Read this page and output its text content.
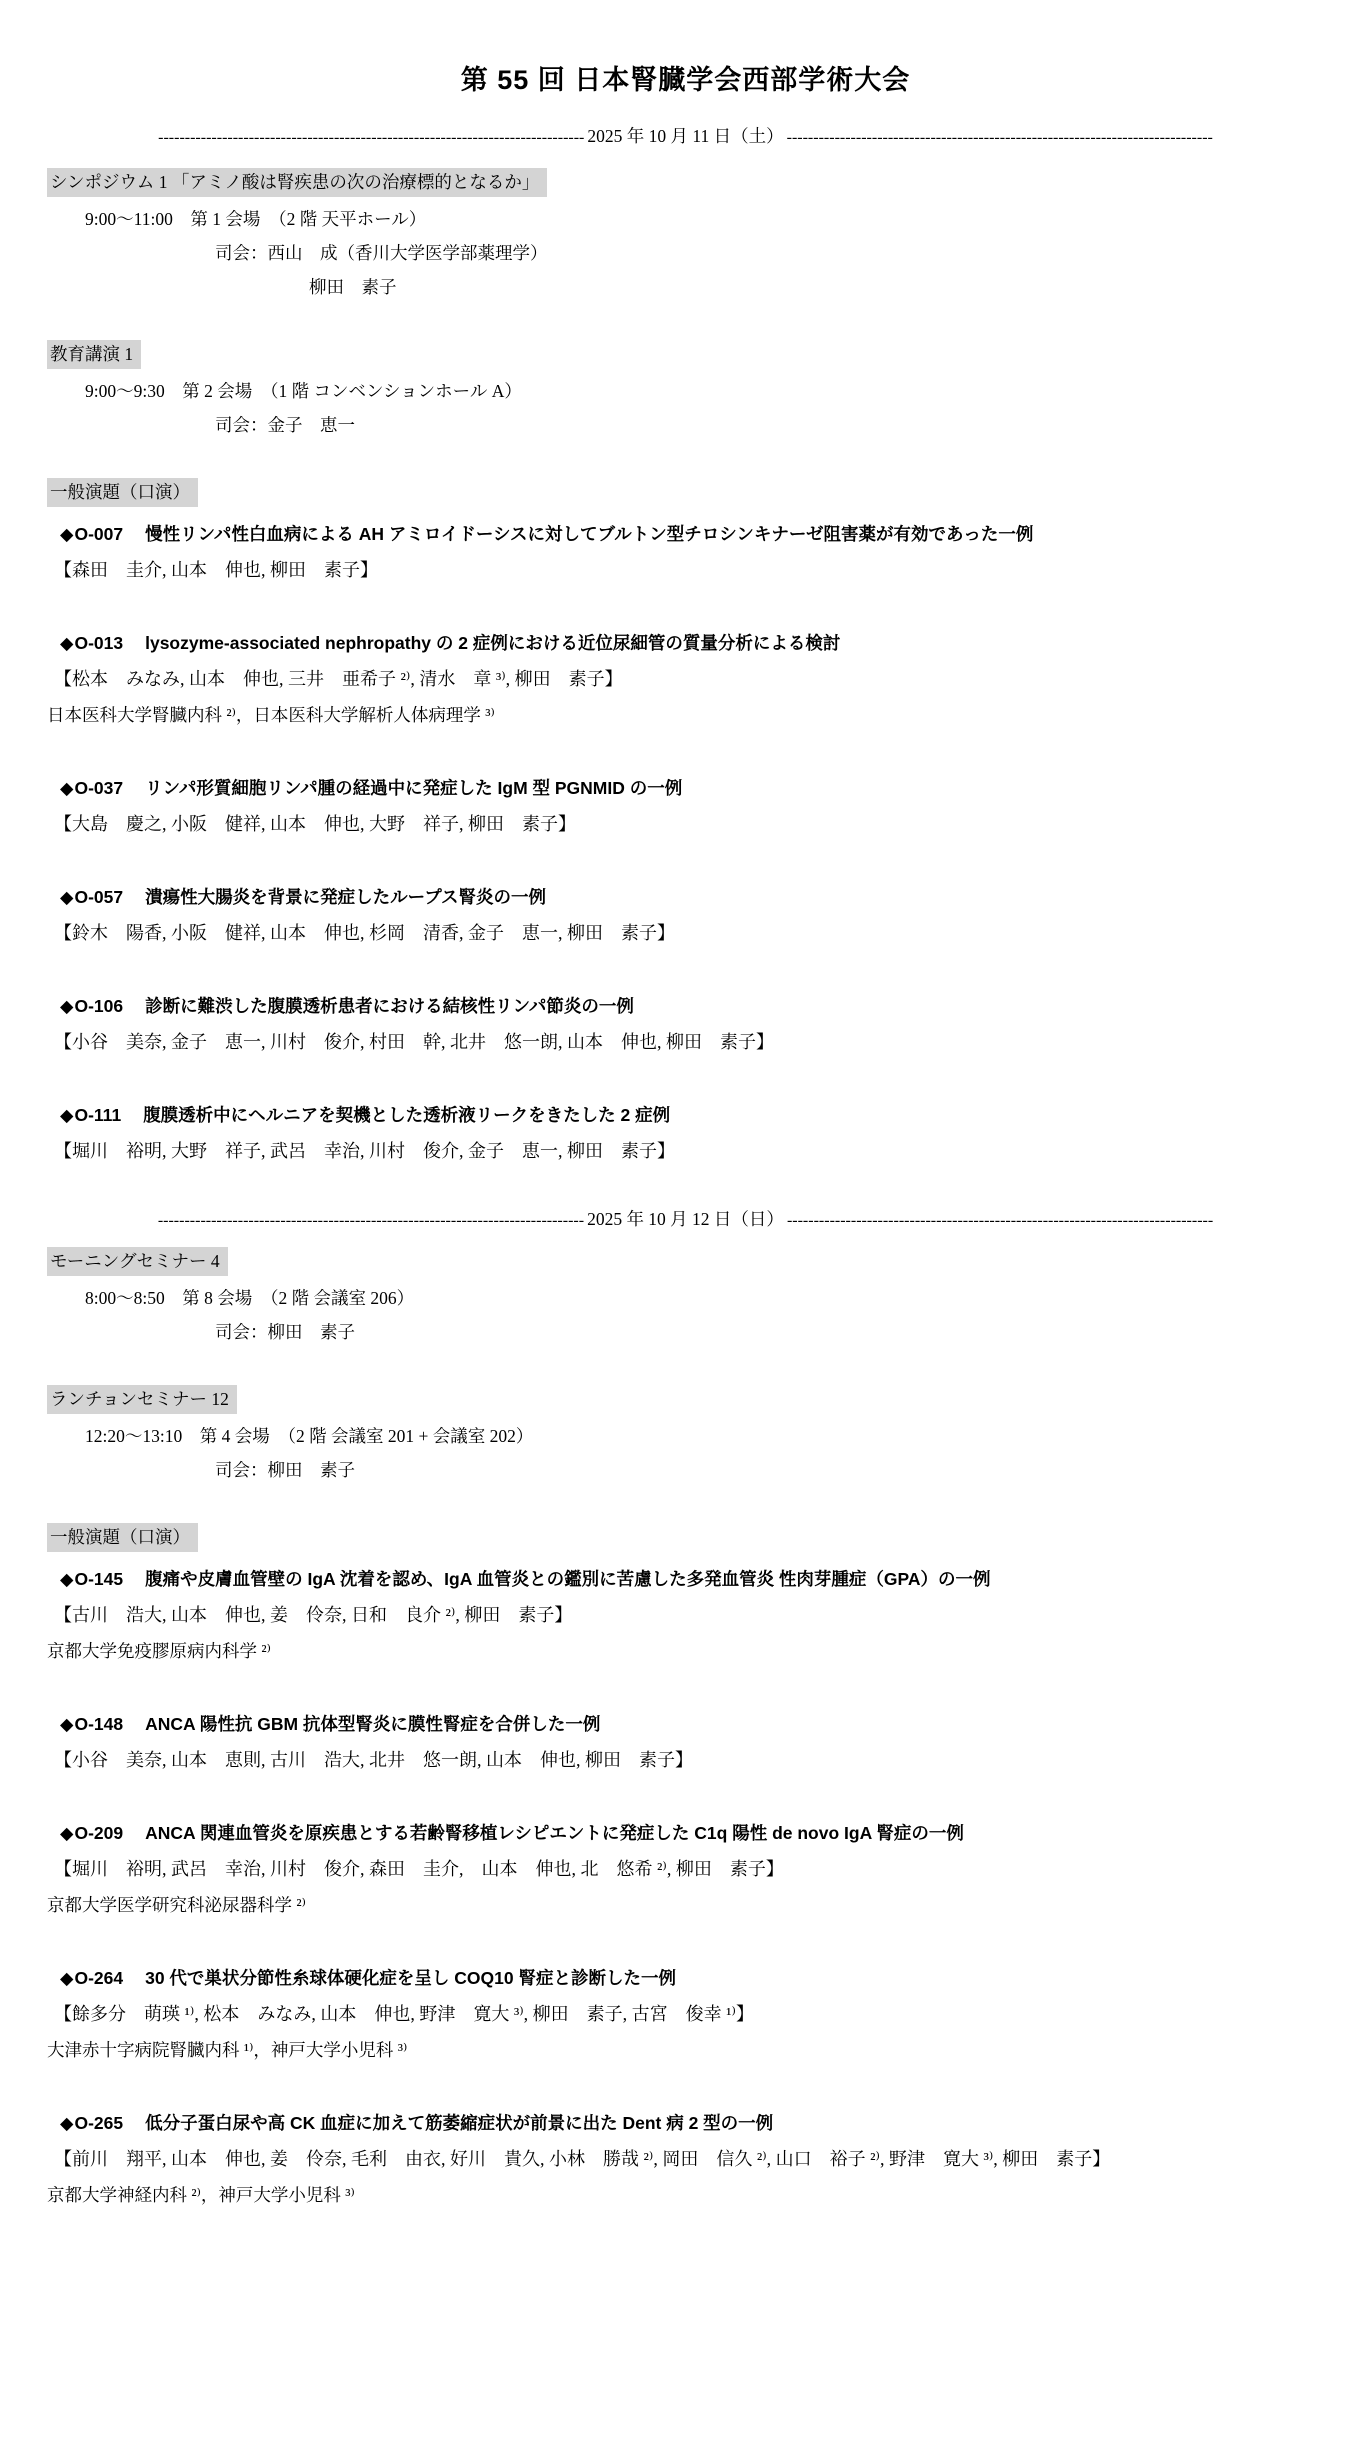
第 55 回 日本腎臓学会西部学術大会
-------------------------------------------------------------------------------- 2025 年 10 月 11 日（土） --------------------------------------------------------------------------------
シンポジウム 1 「アミノ酸は腎疾患の次の治療標的となるか」
9:00～11:00　第 1 会場　（2 階 天平ホール）
司会：西山　成（香川大学医学部薬理学）
柳田　素子
教育講演 1
9:00～9:30　第 2 会場　（1 階 コンベンションホール A）
司会：金子　恵一
一般演題（口演）
◆O-007 慢性リンパ性白血病による AH アミロイドーシスに対してブルトン型チロシンキナーゼ阻害薬が有効であった一例
【森田　圭介, 山本　伸也, 柳田　素子】
◆O-013 lysozyme-associated nephropathy の 2 症例における近位尿細管の質量分析による検討
【松本　みなみ, 山本　伸也, 三井　亜希子 ²⁾, 清水　章 ³⁾, 柳田　素子】
日本医科大学腎臓内科 ²⁾，日本医科大学解析人体病理学 ³⁾
◆O-037 リンパ形質細胞リンパ腫の経過中に発症した IgM 型 PGNMID の一例
【大島　慶之, 小阪　健祥, 山本　伸也, 大野　祥子, 柳田　素子】
◆O-057 潰瘍性大腸炎を背景に発症したループス腎炎の一例
【鈴木　陽香, 小阪　健祥, 山本　伸也, 杉岡　清香, 金子　恵一, 柳田　素子】
◆O-106 診断に難渋した腹膜透析患者における結核性リンパ節炎の一例
【小谷　美奈, 金子　恵一, 川村　俊介, 村田　幹, 北井　悠一朗, 山本　伸也, 柳田　素子】
◆O-111 腹膜透析中にヘルニアを契機とした透析液リークをきたした 2 症例
【堀川　裕明, 大野　祥子, 武呂　幸治, 川村　俊介, 金子　恵一, 柳田　素子】
-------------------------------------------------------------------------------- 2025 年 10 月 12 日（日） --------------------------------------------------------------------------------
モーニングセミナー 4
8:00～8:50　第 8 会場　（2 階 会議室 206）
司会：柳田　素子
ランチョンセミナー 12
12:20～13:10　第 4 会場　（2 階 会議室 201 + 会議室 202）
司会：柳田　素子
一般演題（口演）
◆O-145 腹痛や皮膚血管壁の IgA 沈着を認め、IgA 血管炎との鑑別に苦慮した多発血管炎 性肉芽腫症（GPA）の一例
【古川　浩大, 山本　伸也, 姜　伶奈, 日和　良介 ²⁾, 柳田　素子】
京都大学免疫膠原病内科学 ²⁾
◆O-148 ANCA 陽性抗 GBM 抗体型腎炎に膜性腎症を合併した一例
【小谷　美奈, 山本　恵則, 古川　浩大, 北井　悠一朗, 山本　伸也, 柳田　素子】
◆O-209 ANCA 関連血管炎を原疾患とする若齢腎移植レシピエントに発症した C1q 陽性 de novo IgA 腎症の一例
【堀川　裕明, 武呂　幸治, 川村　俊介, 森田　圭介,　山本　伸也, 北　悠希 ²⁾, 柳田　素子】
京都大学医学研究科泌尿器科学 ²⁾
◆O-264 30 代で巣状分節性糸球体硬化症を呈し COQ10 腎症と診断した一例
【餘多分　萌瑛 ¹⁾, 松本　みなみ, 山本　伸也, 野津　寛大 ³⁾, 柳田　素子, 古宮　俊幸 ¹⁾】
大津赤十字病院腎臓内科 ¹⁾，神戸大学小児科 ³⁾
◆O-265 低分子蛋白尿や高 CK 血症に加えて筋萎縮症状が前景に出た Dent 病 2 型の一例
【前川　翔平, 山本　伸也, 姜　伶奈, 毛利　由衣, 好川　貴久, 小林　勝哉 ²⁾, 岡田　信久 ²⁾, 山口　裕子 ²⁾, 野津　寛大 ³⁾, 柳田　素子】
京都大学神経内科 ²⁾，神戸大学小児科 ³⁾
